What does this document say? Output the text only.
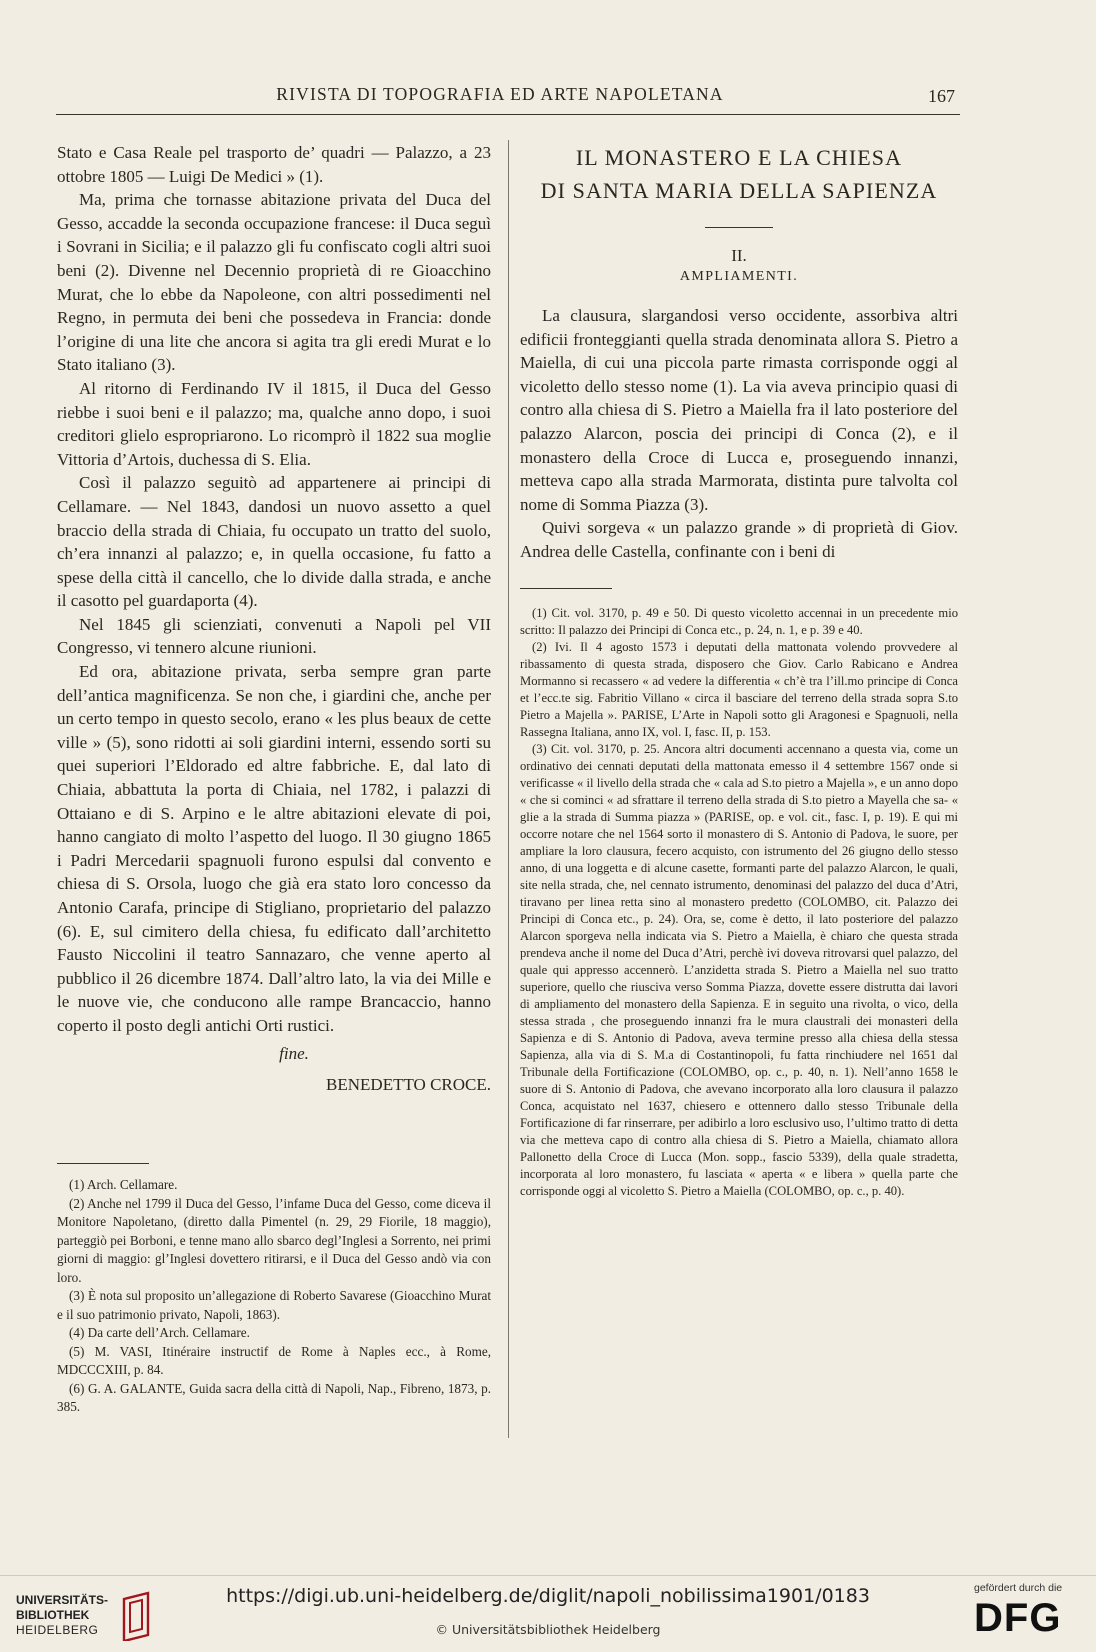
RIVISTA DI TOPOGRAFIA ED ARTE NAPOLETANA	167

Stato e Casa Reale pel trasporto de’ quadri — Palazzo, a 23 ottobre 1805 — Luigi De Medici » (1).

Ma, prima che tornasse abitazione privata del Duca del Gesso, accadde la seconda occupazione francese: il Duca seguì i Sovrani in Sicilia; e il palazzo gli fu confiscato cogli altri suoi beni (2). Divenne nel Decennio proprietà di re Gioacchino Murat, che lo ebbe da Napoleone, con altri possedimenti nel Regno, in permuta dei beni che possedeva in Francia: donde l’origine di una lite che ancora si agita tra gli eredi Murat e lo Stato italiano (3).

Al ritorno di Ferdinando IV il 1815, il Duca del Gesso riebbe i suoi beni e il palazzo; ma, qualche anno dopo, i suoi creditori glielo espropriarono. Lo ricomprò il 1822 sua moglie Vittoria d’Artois, duchessa di S. Elia.

Così il palazzo seguitò ad appartenere ai principi di Cellamare. — Nel 1843, dandosi un nuovo assetto a quel braccio della strada di Chiaia, fu occupato un tratto del suolo, ch’era innanzi al palazzo; e, in quella occasione, fu fatto a spese della città il cancello, che lo divide dalla strada, e anche il casotto pel guardaporta (4).

Nel 1845 gli scienziati, convenuti a Napoli pel VII Congresso, vi tennero alcune riunioni.

Ed ora, abitazione privata, serba sempre gran parte dell’antica magnificenza. Se non che, i giardini che, anche per un certo tempo in questo secolo, erano « les plus beaux de cette ville » (5), sono ridotti ai soli giardini interni, essendo sorti su quei superiori l’Eldorado ed altre fabbriche. E, dal lato di Chiaia, abbattuta la porta di Chiaia, nel 1782, i palazzi di Ottaiano e di S. Arpino e le altre abitazioni elevate di poi, hanno cangiato di molto l’aspetto del luogo. Il 30 giugno 1865 i Padri Mercedarii spagnuoli furono espulsi dal convento e chiesa di S. Orsola, luogo che già era stato loro concesso da Antonio Carafa, principe di Stigliano, proprietario del palazzo (6). E, sul cimitero della chiesa, fu edificato dall’architetto Fausto Niccolini il teatro Sannazaro, che venne aperto al pubblico il 26 dicembre 1874. Dall’altro lato, la via dei Mille e le nuove vie, che conducono alle rampe Brancaccio, hanno coperto il posto degli antichi Orti rustici.

fine.
BENEDETTO CROCE.

(1) Arch. Cellamare.

(2) Anche nel 1799 il Duca del Gesso, l’infame Duca del Gesso, come diceva il Monitore Napoletano, (diretto dalla Pimentel (n. 29, 29 Fiorile, 18 maggio), parteggiò pei Borboni, e tenne mano allo sbarco degl’Inglesi a Sorrento, nei primi giorni di maggio: gl’Inglesi dovettero ritirarsi, e il Duca del Gesso andò via con loro.

(3) È nota sul proposito un’allegazione di Roberto Savarese (Gioacchino Murat e il suo patrimonio privato, Napoli, 1863).

(4) Da carte dell’Arch. Cellamare.

(5) M. VASI, Itinéraire instructif de Rome à Naples ecc., à Rome, MDCCCXIII, p. 84.

(6) G. A. GALANTE, Guida sacra della città di Napoli, Nap., Fibreno, 1873, p. 385.

IL MONASTERO E LA CHIESA
DI SANTA MARIA DELLA SAPIENZA
II.
AMPLIAMENTI.

La clausura, slargandosi verso occidente, assorbiva altri edificii fronteggianti quella strada denominata allora S. Pietro a Maiella, di cui una piccola parte rimasta corrisponde oggi al vicoletto dello stesso nome (1). La via aveva principio quasi di contro alla chiesa di S. Pietro a Maiella fra il lato posteriore del palazzo Alarcon, poscia dei principi di Conca (2), e il monastero della Croce di Lucca e, proseguendo innanzi, metteva capo alla strada Marmorata, distinta pure talvolta col nome di Somma Piazza (3).

Quivi sorgeva « un palazzo grande » di proprietà di Giov. Andrea delle Castella, confinante con i beni di

(1) Cit. vol. 3170, p. 49 e 50. Di questo vicoletto accennai in un precedente mio scritto: Il palazzo dei Principi di Conca etc., p. 24, n. 1, e p. 39 e 40.

(2) Ivi. Il 4 agosto 1573 i deputati della mattonata volendo provvedere al ribassamento di questa strada, disposero che Giov. Carlo Rabicano e Andrea Mormanno si recassero « ad vedere la differentia « ch’è tra l’ill.mo principe di Conca et l’ecc.te sig. Fabritio Villano « circa il basciare del terreno della strada sopra S.to Pietro a Majella ». PARISE, L’Arte in Napoli sotto gli Aragonesi e Spagnuoli, nella Rassegna Italiana, anno IX, vol. I, fasc. II, p. 153.

(3) Cit. vol. 3170, p. 25. Ancora altri documenti accennano a questa via, come un ordinativo dei cennati deputati della mattonata emesso il 4 settembre 1567 onde si verificasse « il livello della strada che « cala ad S.to pietro a Majella », e un anno dopo « che si cominci « ad sfrattare il terreno della strada di S.to pietro a Mayella che sa- « glie a la strada di Summa piazza » (PARISE, op. e vol. cit., fasc. I, p. 19). E qui mi occorre notare che nel 1564 sorto il monastero di S. Antonio di Padova, le suore, per ampliare la loro clausura, fecero acquisto, con istrumento del 26 giugno dello stesso anno, di una loggetta e di alcune casette, formanti parte del palazzo Alarcon, le quali, site nella strada, che, nel cennato istrumento, denominasi del palazzo del duca d’Atri, tiravano per linea retta sino al monastero predetto (COLOMBO, cit. Palazzo dei Principi di Conca etc., p. 24). Ora, se, come è detto, il lato posteriore del palazzo Alarcon sporgeva nella indicata via S. Pietro a Maiella, è chiaro che questa strada prendeva anche il nome del Duca d’Atri, perchè ivi doveva ritrovarsi quel palazzo, del quale qui appresso accennerò. L’anzidetta strada S. Pietro a Maiella nel suo tratto superiore, quello che riusciva verso Somma Piazza, dovette essere distrutta dai lavori di ampliamento del monastero della Sapienza. E in seguito una rivolta, o vico, della stessa strada , che proseguendo innanzi fra le mura claustrali dei monasteri della Sapienza e di S. Antonio di Padova, aveva termine presso alla chiesa della stessa Sapienza, alla via di S. M.a di Costantinopoli, fu fatta rinchiudere nel 1651 dal Tribunale della Fortificazione (COLOMBO, op. c., p. 40, n. 1). Nell’anno 1658 le suore di S. Antonio di Padova, che avevano incorporato alla loro clausura il palazzo Conca, acquistato nel 1637, chiesero e ottennero dallo stesso Tribunale della Fortificazione di far rinserrare, per adibirlo a loro esclusivo uso, l’ultimo tratto di detta via che metteva capo di contro alla chiesa di S. Pietro a Maiella, chiamato allora Pallonetto della Croce di Lucca (Mon. sopp., fascio 5339), della quale stradetta, incorporata al loro monastero, fu lasciata « aperta « e libera » quella parte che corrisponde oggi al vicoletto S. Pietro a Maiella (COLOMBO, op. c., p. 40).

UNIVERSITÄTS-
BIBLIOTHEK
HEIDELBERG
https://digi.ub.uni-heidelberg.de/diglit/napoli_nobilissima1901/0183
© Universitätsbibliothek Heidelberg
gefördert durch die
DFG
